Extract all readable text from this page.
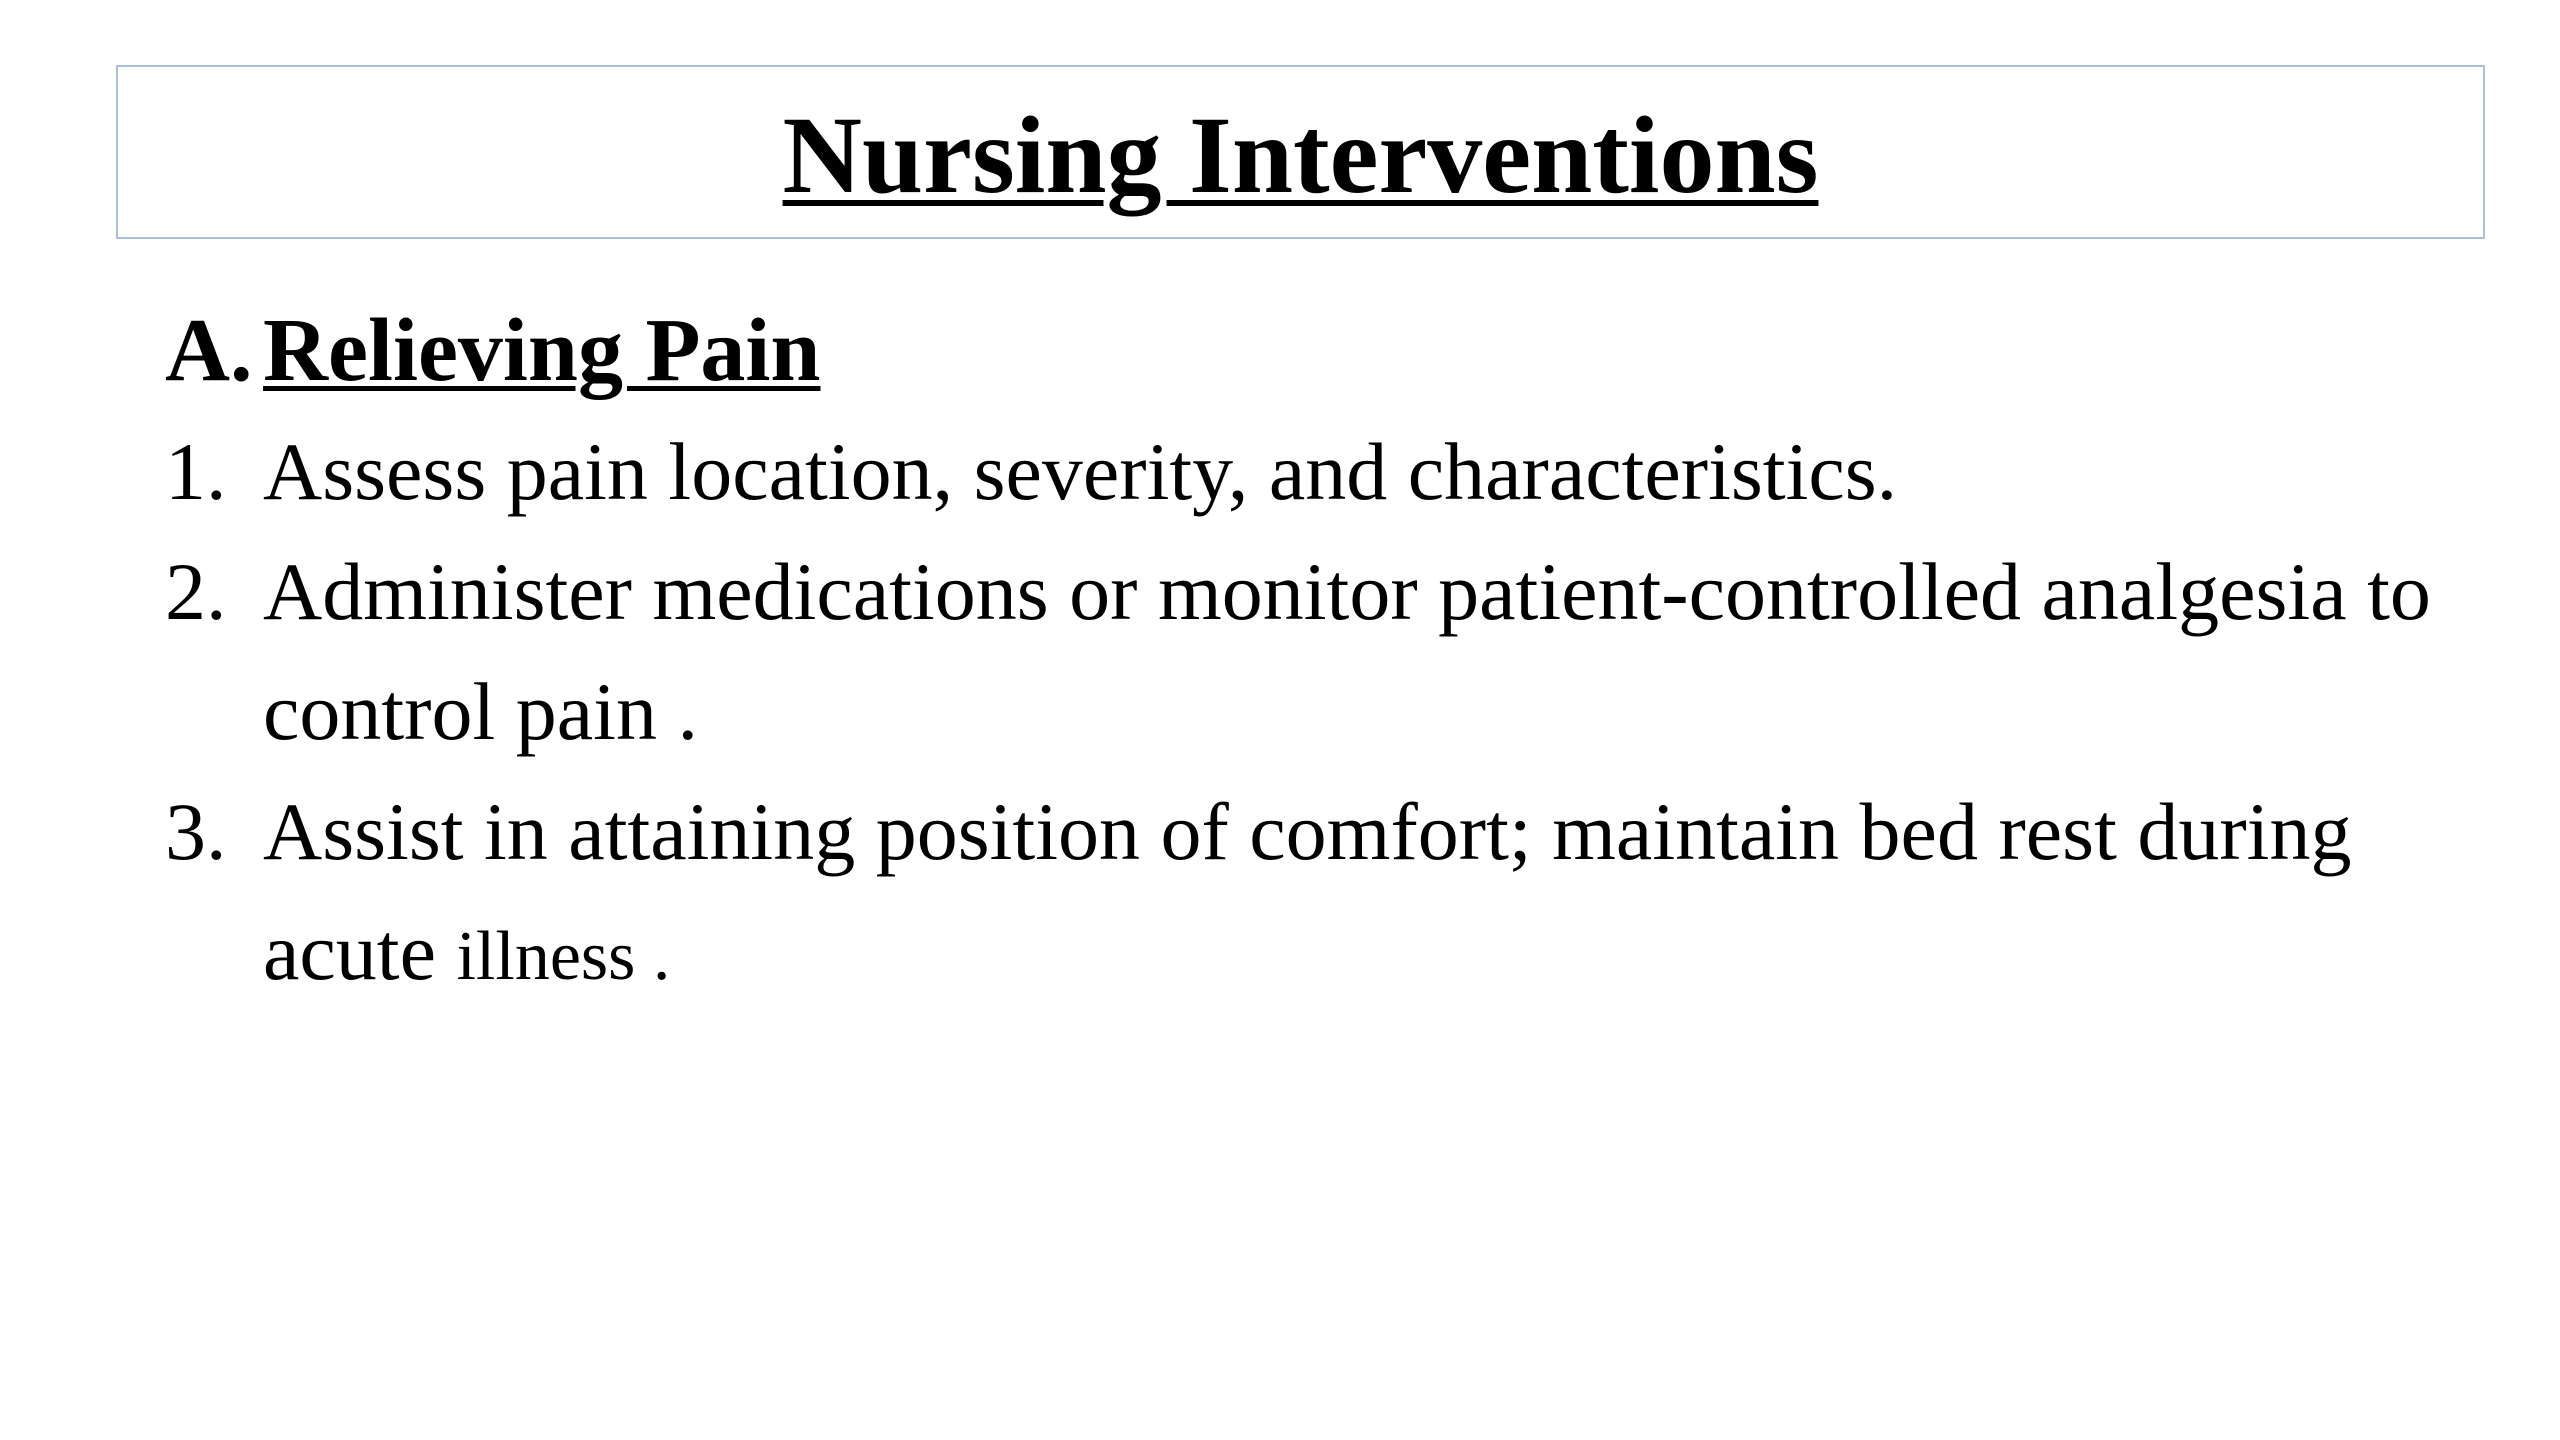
Nursing Interventions
A. Relieving Pain
1. Assess pain location, severity, and characteristics.
2. Administer medications or monitor patient-controlled analgesia to control pain .
3. Assist in attaining position of comfort; maintain bed rest during acute illness .
